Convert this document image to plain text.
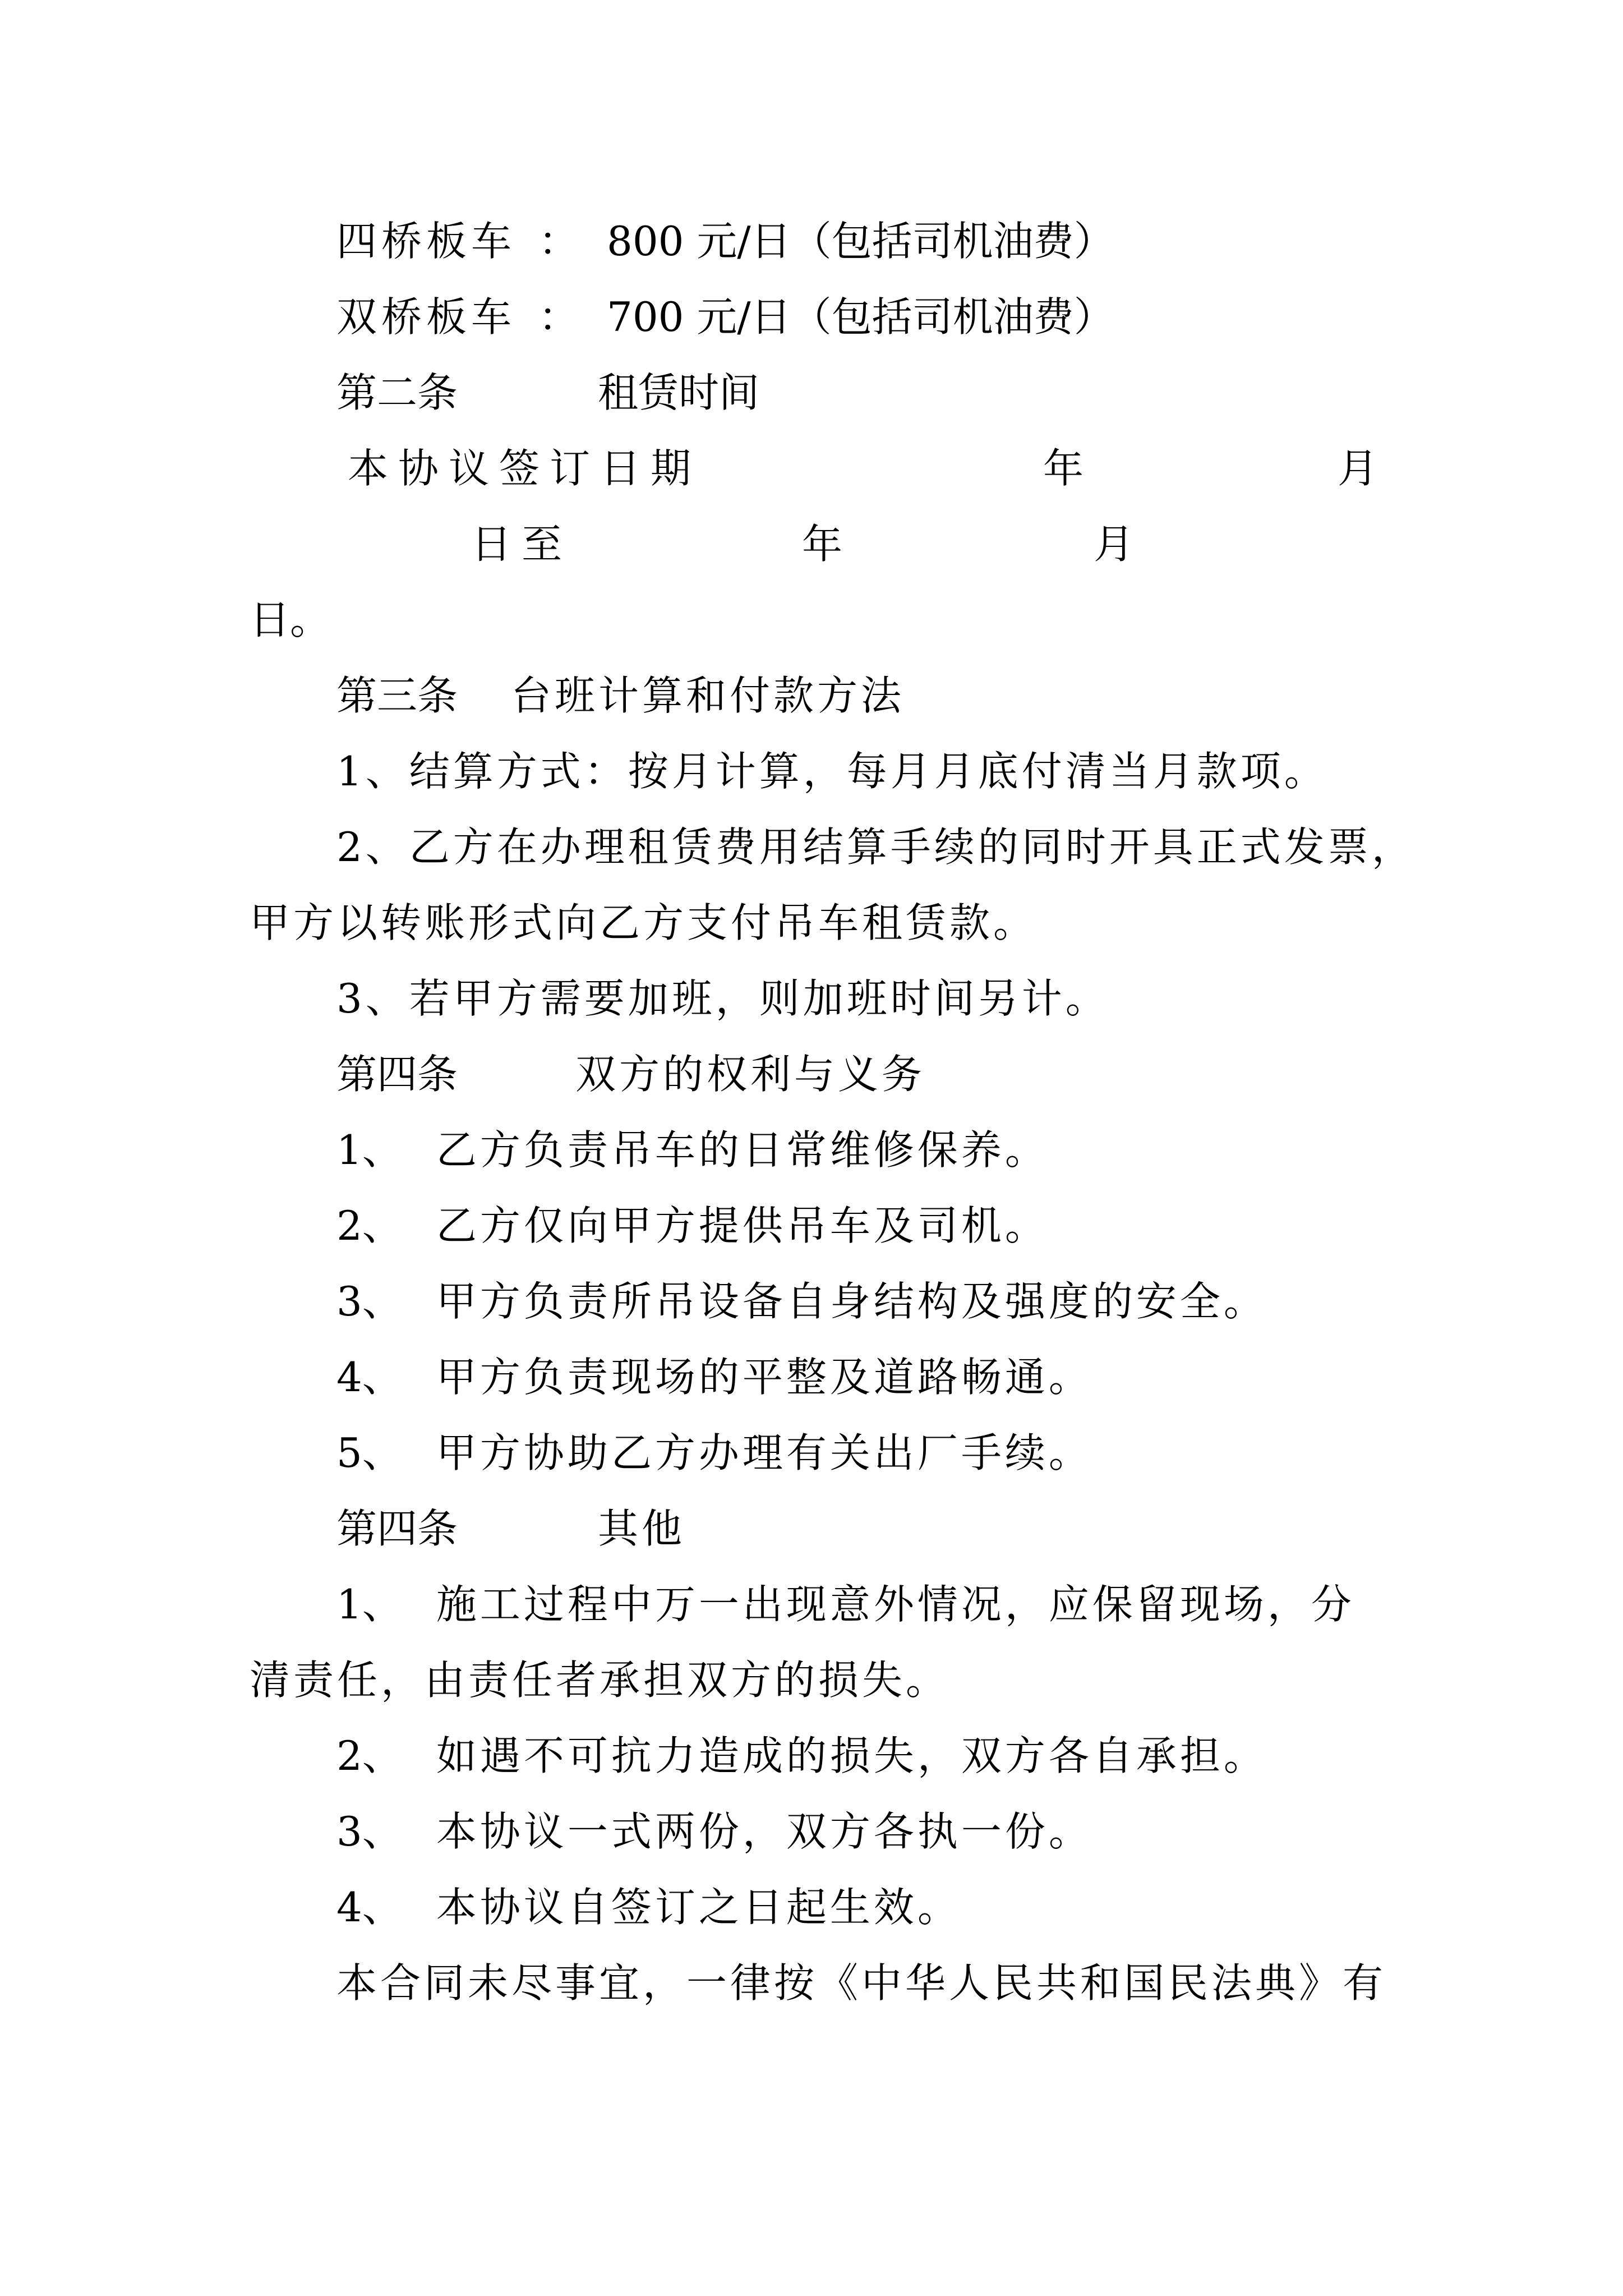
四桥板车 ： 800 元/日（包括司机油费）
双桥板车 ： 700 元/日（包括司机油费）
第二条	租赁时间
本协议签订日期	年	月
日至	年	月
日。
第三条 台班计算和付款方法
1、结算方式：按月计算，每月月底付清当月款项。
2、乙方在办理租赁费用结算手续的同时开具正式发票，
甲方以转账形式向乙方支付吊车租赁款。
3、若甲方需要加班，则加班时间另计。
第四条	双方的权利与义务
1、 乙方负责吊车的日常维修保养。
2、 乙方仅向甲方提供吊车及司机。
3、 甲方负责所吊设备自身结构及强度的安全。
4、 甲方负责现场的平整及道路畅通。
5、 甲方协助乙方办理有关出厂手续。
第四条	其他
1、 施工过程中万一出现意外情况，应保留现场，分
清责任，由责任者承担双方的损失。
2、 如遇不可抗力造成的损失，双方各自承担。
3、 本协议一式两份，双方各执一份。
4、 本协议自签订之日起生效。
本合同未尽事宜，一律按《中华人民共和国民法典》有
